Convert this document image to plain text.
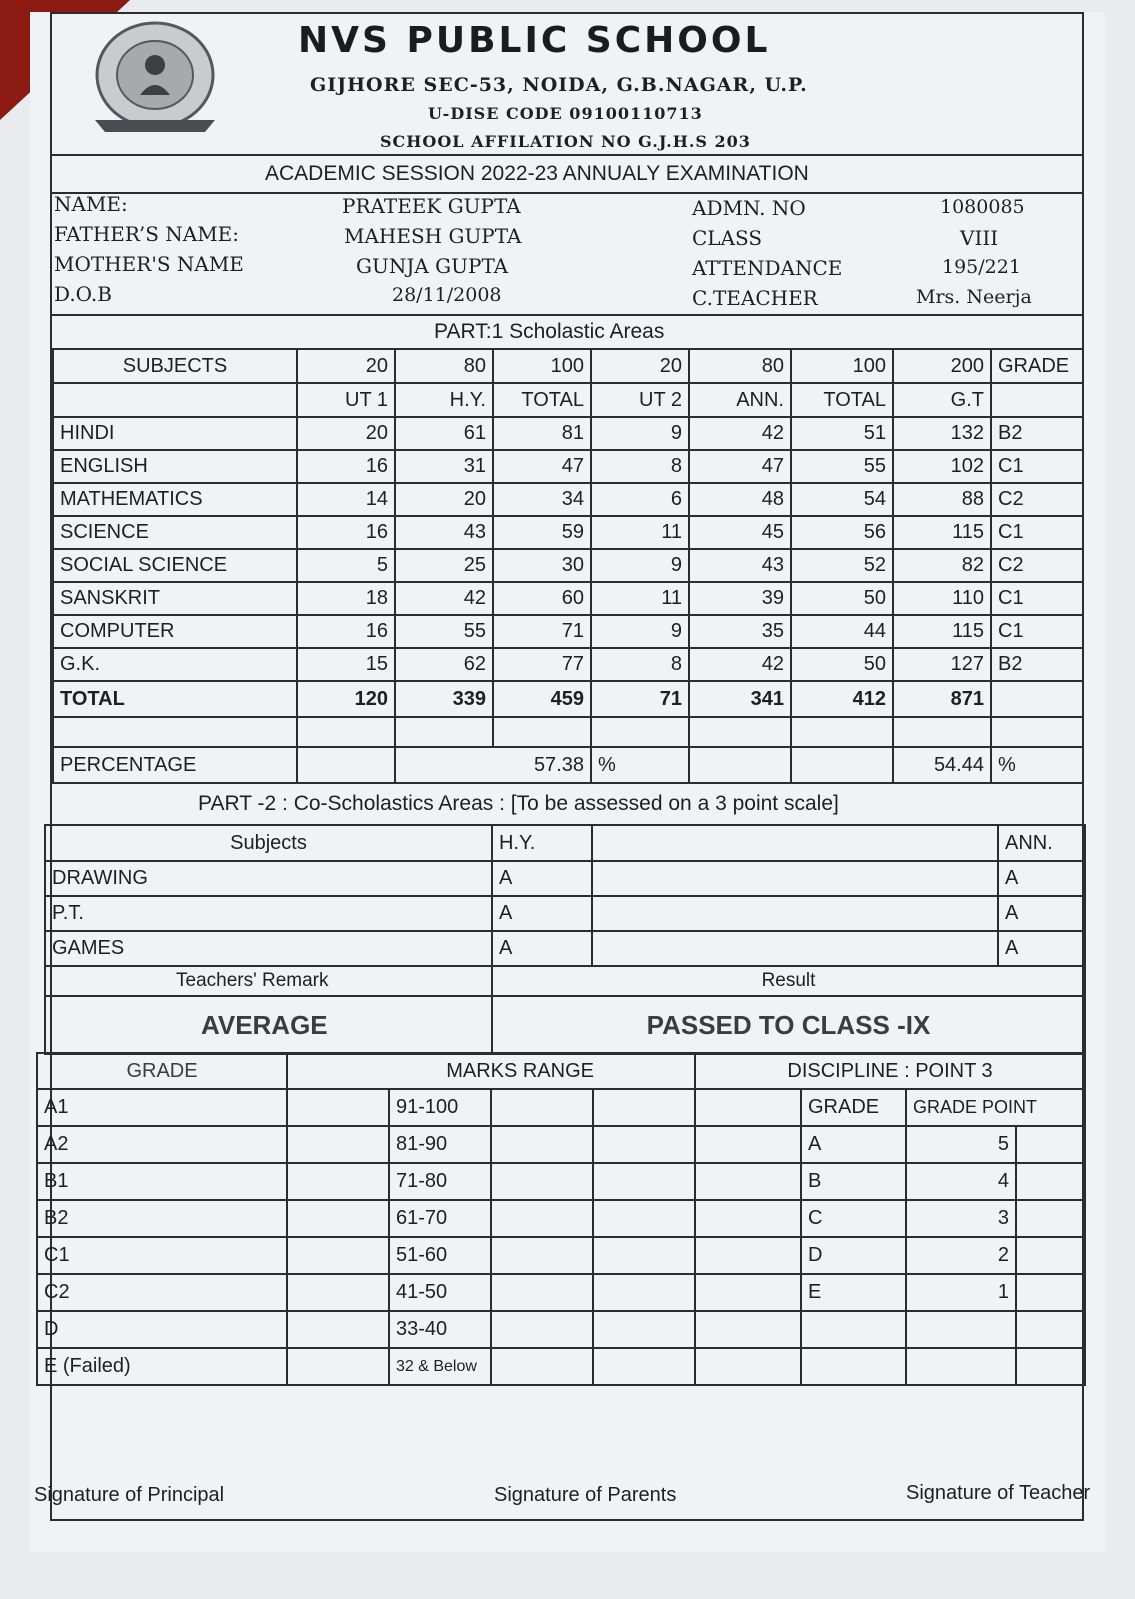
NVS PUBLIC SCHOOL
GIJHORE SEC-53, NOIDA, G.B.NAGAR, U.P.
U-DISE CODE 09100110713
SCHOOL AFFILATION NO G.J.H.S 203
ACADEMIC SESSION 2022-23 ANNUALY EXAMINATION
NAME:	PRATEEK GUPTA	ADMN. NO	1080085
FATHER’S NAME:	MAHESH GUPTA	CLASS	VIII
MOTHER'S NAME	GUNJA GUPTA	ATTENDANCE	195/221
D.O.B	28/11/2008	C.TEACHER	Mrs. Neerja
PART:1 Scholastic Areas
SUBJECTS	20	80	100	20	80	100	200	GRADE
	UT 1	H.Y.	TOTAL	UT 2	ANN.	TOTAL	G.T	
HINDI	20	61	81	9	42	51	132	B2
ENGLISH	16	31	47	8	47	55	102	C1
MATHEMATICS	14	20	34	6	48	54	88	C2
SCIENCE	16	43	59	11	45	56	115	C1
SOCIAL SCIENCE	5	25	30	9	43	52	82	C2
SANSKRIT	18	42	60	11	39	50	110	C1
COMPUTER	16	55	71	9	35	44	115	C1
G.K.	15	62	77	8	42	50	127	B2
TOTAL	120	339	459	71	341	412	871	

PERCENTAGE		57.38		%			54.44	%
PART -2 : Co-Scholastics Areas : [To be assessed on a 3 point scale]
Subjects	H.Y.		ANN.
DRAWING	A		A
P.T.	A		A
GAMES	A		A
Teachers' Remark	Result		
AVERAGE	PASSED TO CLASS -IX		
GRADE	MARKS RANGE				DISCIPLINE : POINT 3			
A1		91-100				GRADE	GRADE POINT	
A2		81-90				A	5	
B1		71-80				B	4	
B2		61-70				C	3	
C1		51-60				D	2	
C2		41-50				E	1	
D		33-40						
E (Failed)		32 & Below						
Signature of Principal	Signature of Parents	Signature of Teacher
